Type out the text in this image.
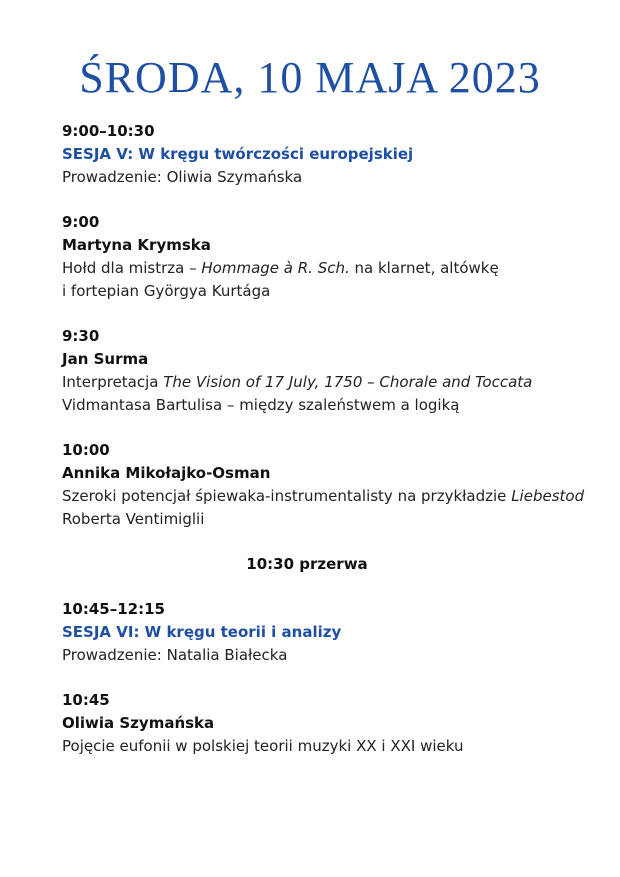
ŚRODA, 10 MAJA 2023
9:00–10:30
SESJA V: W kręgu twórczości europejskiej
Prowadzenie: Oliwia Szymańska
9:00
Martyna Krymska
Hołd dla mistrza – Hommage à R. Sch. na klarnet, altówkę
i fortepian Györgya Kurtága
9:30
Jan Surma
Interpretacja The Vision of 17 July, 1750 – Chorale and Toccata
Vidmantasa Bartulisa – między szaleństwem a logiką
10:00
Annika Mikołajko-Osman
Szeroki potencjał śpiewaka-instrumentalisty na przykładzie Liebestod
Roberta Ventimiglii
10:30 przerwa
10:45–12:15
SESJA VI: W kręgu teorii i analizy
Prowadzenie: Natalia Białecka
10:45
Oliwia Szymańska
Pojęcie eufonii w polskiej teorii muzyki XX i XXI wieku
